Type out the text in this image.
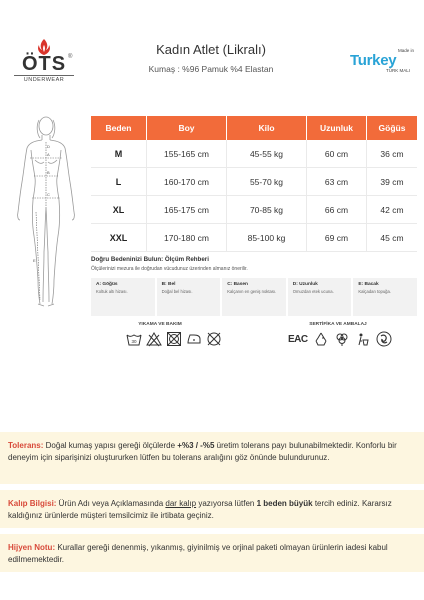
ÖTS ®
UNDERWEAR
Kadın Atlet (Likralı)
Kumaş : %96 Pamuk %4 Elastan
Made in
Turkey
TÜRK MALI
A
B
C
D
E
Beden	Boy	Kilo	Uzunluk	Göğüs
M	155-165 cm	45-55 kg	60 cm	36 cm
L	160-170 cm	55-70 kg	63 cm	39 cm
XL	165-175 cm	70-85 kg	66 cm	42 cm
XXL	170-180 cm	85-100 kg	69 cm	45 cm
Doğru Bedeninizi Bulun: Ölçüm Rehberi
Ölçülerinizi mezura ile doğrudan vücudunuz üzerinden almanız önerilir.
A: Göğüs
Koltuk altı hizası.
B: Bel
Doğal bel hizası.
C: Basen
Kalçanın en geniş noktası.
D: Uzunluk
Omuzdan etek ucuna.
E: Bacak
Kalçadan topuğa.
YIKAMA VE BAKIM
30
SERTİFİKA VE AMBALAJ
EAC
Tolerans: Doğal kumaş yapısı gereği ölçülerde +%3 / -%5 üretim tolerans payı bulunabilmektedir. Konforlu bir deneyim için siparişinizi oluştururken lütfen bu tolerans aralığını göz önünde bulundurunuz.
Kalıp Bilgisi: Ürün Adı veya Açıklamasında dar kalıp yazıyorsa lütfen 1 beden büyük tercih ediniz. Kararsız kaldığınız ürünlerde müşteri temsilcimiz ile irtibata geçiniz.
Hijyen Notu: Kurallar gereği denenmiş, yıkanmış, giyinilmiş ve orjinal paketi olmayan ürünlerin iadesi kabul edilmemektedir.
